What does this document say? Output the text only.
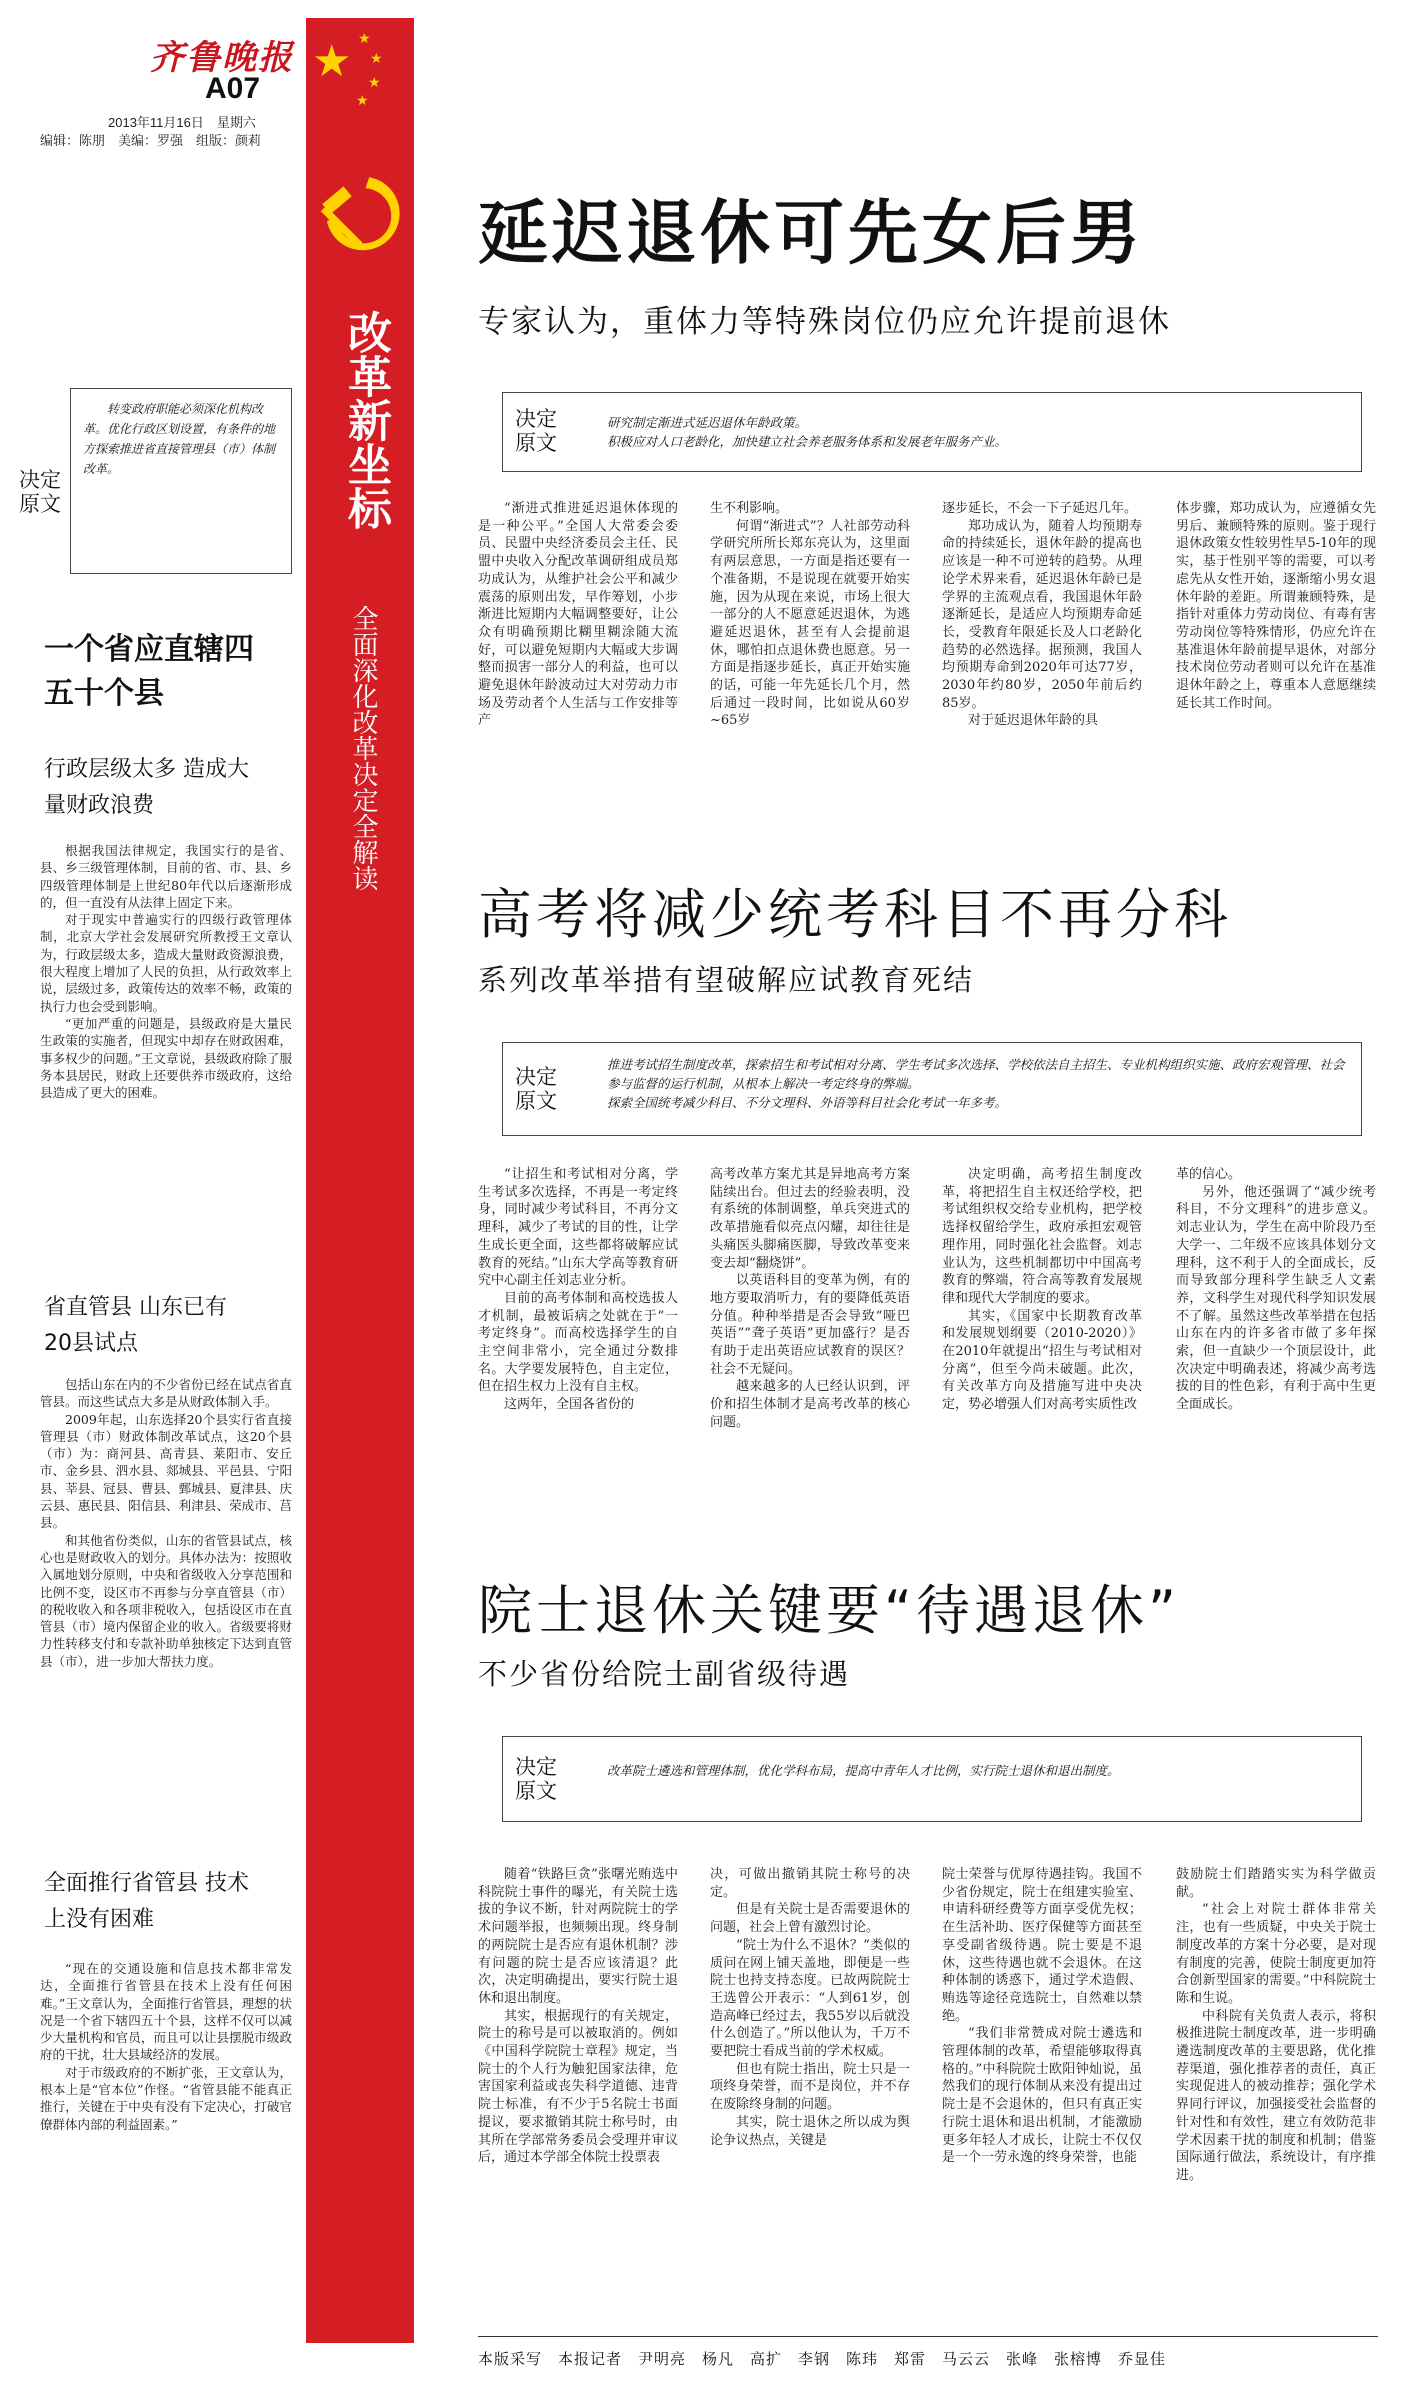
齐鲁晚报
A07
2013年11月16日　星期六
编辑：陈朋　美编：罗强　组版：颜莉
★ ★
★
★
★
改革新坐标
全面深化改革决定全解读
决定原文
转变政府职能必须深化机构改革。优化行政区划设置，有条件的地方探索推进省直接管理县（市）体制改革。
一个省应直辖四五十个县
行政层级太多 造成大量财政浪费

根据我国法律规定，我国实行的是省、县、乡三级管理体制，目前的省、市、县、乡四级管理体制是上世纪80年代以后逐渐形成的，但一直没有从法律上固定下来。

对于现实中普遍实行的四级行政管理体制，北京大学社会发展研究所教授王文章认为，行政层级太多，造成大量财政资源浪费，很大程度上增加了人民的负担，从行政效率上说，层级过多，政策传达的效率不畅，政策的执行力也会受到影响。

“更加严重的问题是，县级政府是大量民生政策的实施者，但现实中却存在财政困难，事多权少的问题。”王文章说，县级政府除了服务本县居民，财政上还要供养市级政府，这给县造成了更大的困难。

省直管县 山东已有20县试点

包括山东在内的不少省份已经在试点省直管县。而这些试点大多是从财政体制入手。

2009年起，山东选择20个县实行省直接管理县（市）财政体制改革试点，这20个县（市）为：商河县、高青县、莱阳市、安丘市、金乡县、泗水县、郯城县、平邑县、宁阳县、莘县、冠县、曹县、鄄城县、夏津县、庆云县、惠民县、阳信县、利津县、荣成市、莒县。

和其他省份类似，山东的省管县试点，核心也是财政收入的划分。具体办法为：按照收入属地划分原则，中央和省级收入分享范围和比例不变，设区市不再参与分享直管县（市）的税收收入和各项非税收入，包括设区市在直管县（市）境内保留企业的收入。省级要将财力性转移支付和专款补助单独核定下达到直管县（市），进一步加大帮扶力度。

全面推行省管县 技术上没有困难

“现在的交通设施和信息技术都非常发达，全面推行省管县在技术上没有任何困难。”王文章认为，全面推行省管县，理想的状况是一个省下辖四五十个县，这样不仅可以减少大量机构和官员，而且可以让县摆脱市级政府的干扰，壮大县域经济的发展。

对于市级政府的不断扩张，王文章认为，根本上是“官本位”作怪。“省管县能不能真正推行，关键在于中央有没有下定决心，打破官僚群体内部的利益固素。”

延迟退休可先女后男
专家认为，重体力等特殊岗位仍应允许提前退休
决定原文
研究制定渐进式延迟退休年龄政策。
积极应对人口老龄化，加快建立社会养老服务体系和发展老年服务产业。

“渐进式推进延迟退休体现的是一种公平。”全国人大常委会委员、民盟中央经济委员会主任、民盟中央收入分配改革调研组成员郑功成认为，从维护社会公平和减少震荡的原则出发，早作筹划，小步渐进比短期内大幅调整要好，让公众有明确预期比糊里糊涂随大流好，可以避免短期内大幅或大步调整而损害一部分人的利益，也可以避免退休年龄波动过大对劳动力市场及劳动者个人生活与工作安排等产

生不利影响。

何谓“渐进式”？人社部劳动科学研究所所长郑东亮认为，这里面有两层意思，一方面是指还要有一个准备期，不是说现在就要开始实施，因为从现在来说，市场上很大一部分的人不愿意延迟退休，为逃避延迟退休，甚至有人会提前退休，哪怕扣点退休费也愿意。另一方面是指逐步延长，真正开始实施的话，可能一年先延长几个月，然后通过一段时间，比如说从60岁~65岁

逐步延长，不会一下子延迟几年。

郑功成认为，随着人均预期寿命的持续延长，退休年龄的提高也应该是一种不可逆转的趋势。从理论学术界来看，延迟退休年龄已是学界的主流观点看，我国退休年龄逐渐延长，是适应人均预期寿命延长，受教育年限延长及人口老龄化趋势的必然选择。据预测，我国人均预期寿命到2020年可达77岁，2030年约80岁，2050年前后约85岁。

对于延迟退休年龄的具

体步骤，郑功成认为，应遵循女先男后、兼顾特殊的原则。鉴于现行退休政策女性较男性早5-10年的现实，基于性别平等的需要，可以考虑先从女性开始，逐渐缩小男女退休年龄的差距。所谓兼顾特殊，是指针对重体力劳动岗位、有毒有害劳动岗位等特殊情形，仍应允许在基准退休年龄前提早退休，对部分技术岗位劳动者则可以允许在基准退休年龄之上，尊重本人意愿继续延长其工作时间。

高考将减少统考科目不再分科
系列改革举措有望破解应试教育死结
决定原文
推进考试招生制度改革，探索招生和考试相对分离、学生考试多次选择、学校依法自主招生、专业机构组织实施、政府宏观管理、社会参与监督的运行机制，从根本上解决一考定终身的弊端。
探索全国统考减少科目、不分文理科、外语等科目社会化考试一年多考。

“让招生和考试相对分离，学生考试多次选择，不再是一考定终身，同时减少考试科目，不再分文理科，减少了考试的目的性，让学生成长更全面，这些都将破解应试教育的死结。”山东大学高等教育研究中心副主任刘志业分析。

目前的高考体制和高校选拔人才机制，最被诟病之处就在于“一考定终身”。而高校选择学生的自主空间非常小，完全通过分数排名。大学要发展特色，自主定位，但在招生权力上没有自主权。

这两年，全国各省份的

高考改革方案尤其是异地高考方案陆续出台。但过去的经验表明，没有系统的体制调整，单兵突进式的改革措施看似亮点闪耀，却往往是头痛医头脚痛医脚，导致改革变来变去却“翻烧饼”。

以英语科目的变革为例，有的地方要取消听力，有的要降低英语分值。种种举措是否会导致“哑巴英语”“聋子英语”更加盛行？是否有助于走出英语应试教育的误区？社会不无疑问。

越来越多的人已经认识到，评价和招生体制才是高考改革的核心问题。

决定明确，高考招生制度改革，将把招生自主权还给学校，把考试组织权交给专业机构，把学校选择权留给学生，政府承担宏观管理作用，同时强化社会监督。刘志业认为，这些机制都切中中国高考教育的弊端，符合高等教育发展规律和现代大学制度的要求。

其实，《国家中长期教育改革和发展规划纲要（2010-2020）》在2010年就提出“招生与考试相对分离”，但至今尚未破题。此次，有关改革方向及措施写进中央决定，势必增强人们对高考实质性改

革的信心。

另外，他还强调了“减少统考科目，不分文理科”的进步意义。刘志业认为，学生在高中阶段乃至大学一、二年级不应该具体划分文理科，这不利于人的全面成长，反而导致部分理科学生缺乏人文素养，文科学生对现代科学知识发展不了解。虽然这些改革举措在包括山东在内的许多省市做了多年探索，但一直缺少一个顶层设计，此次决定中明确表述，将减少高考选拔的目的性色彩，有利于高中生更全面成长。

院士退休关键要“待遇退休”
不少省份给院士副省级待遇
决定原文
改革院士遴选和管理体制，优化学科布局，提高中青年人才比例，实行院士退休和退出制度。

随着“铁路巨贪”张曙光贿选中科院院士事件的曝光，有关院士选拔的争议不断，针对两院院士的学术问题举报，也频频出现。终身制的两院院士是否应有退休机制？涉有问题的院士是否应该清退？此次，决定明确提出，要实行院士退休和退出制度。

其实，根据现行的有关规定，院士的称号是可以被取消的。例如《中国科学院院士章程》规定，当院士的个人行为触犯国家法律，危害国家利益或丧失科学道德、违背院士标准，有不少于5名院士书面提议，要求撤销其院士称号时，由其所在学部常务委员会受理并审议后，通过本学部全体院士投票表

决，可做出撤销其院士称号的决定。

但是有关院士是否需要退休的问题，社会上曾有激烈讨论。

“院士为什么不退休？”类似的质问在网上铺天盖地，即便是一些院士也持支持态度。已故两院院士王选曾公开表示：“人到61岁，创造高峰已经过去，我55岁以后就没什么创造了。”所以他认为，千万不要把院士看成当前的学术权威。

但也有院士指出，院士只是一项终身荣誉，而不是岗位，并不存在废除终身制的问题。

其实，院士退休之所以成为舆论争议热点，关键是

院士荣誉与优厚待遇挂钩。我国不少省份规定，院士在组建实验室、申请科研经费等方面享受优先权；在生活补助、医疗保健等方面甚至享受副省级待遇。院士要是不退休，这些待遇也就不会退休。在这种体制的诱惑下，通过学术造假、贿选等途径竞选院士，自然难以禁绝。

“我们非常赞成对院士遴选和管理体制的改革，希望能够取得真格的。”中科院院士欧阳钟灿说，虽然我们的现行体制从来没有提出过院士是不会退休的，但只有真正实行院士退休和退出机制，才能激励更多年轻人才成长，让院士不仅仅是一个一劳永逸的终身荣誉，也能

鼓励院士们踏踏实实为科学做贡献。

“社会上对院士群体非常关注，也有一些质疑，中央关于院士制度改革的方案十分必要，是对现有制度的完善，使院士制度更加符合创新型国家的需要。”中科院院士陈和生说。

中科院有关负责人表示，将积极推进院士制度改革，进一步明确遴选制度改革的主要思路，优化推荐渠道，强化推荐者的责任，真正实现促进人的被动推荐；强化学术界同行评议，加强接受社会监督的针对性和有效性，建立有效防范非学术因素干扰的制度和机制；借鉴国际通行做法，系统设计，有序推进。

本版采写　本报记者　尹明亮　杨凡　高扩　李钢　陈玮　郑雷　马云云　张峰　张榕博　乔显佳
